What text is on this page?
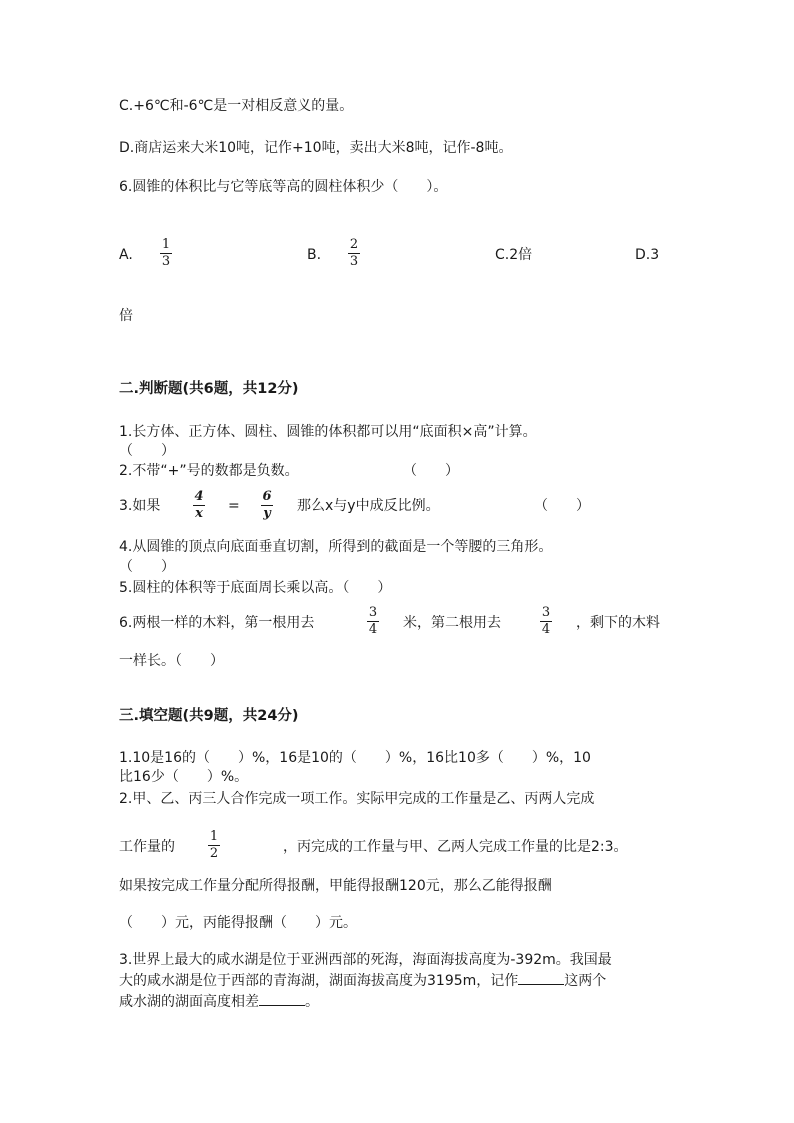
C.+6℃和-6℃是一对相反意义的量。
D.商店运来大米10吨，记作+10吨，卖出大米8吨，记作-8吨。
6.圆锥的体积比与它等底等高的圆柱体积少（　　）。
A.
1
3	B.
2
3	C.2倍	D.3
倍
二.判断题(共6题，共12分)
1.长方体、正方体、圆柱、圆锥的体积都可以用“底面积×高”计算。
（　　）
2.不带“+”号的数都是负数。	（　　）
3.如果
4
x =
6
y 那么x与y中成反比例。	（　　）
4.从圆锥的顶点向底面垂直切割，所得到的截面是一个等腰的三角形。
（　　）
5.圆柱的体积等于底面周长乘以高。（　　）
6.两根一样的木料，第一根用去
3
4 米，第二根用去
3
4 ，剩下的木料
一样长。（　　）
三.填空题(共9题，共24分)
1.10是16的（　　）%，16是10的（　　）%，16比10多（　　）%，10
比16少（　　）%。
2.甲、乙、丙三人合作完成一项工作。实际甲完成的工作量是乙、丙两人完成
工作量的
1
2	，丙完成的工作量与甲、乙两人完成工作量的比是2:3。
如果按完成工作量分配所得报酬，甲能得报酬120元，那么乙能得报酬
（　　）元，丙能得报酬（　　）元。
3.世界上最大的咸水湖是位于亚洲西部的死海，海面海拔高度为-392m。我国最
大的咸水湖是位于西部的青海湖，湖面海拔高度为3195m，记作	这两个
咸水湖的湖面高度相差	。
